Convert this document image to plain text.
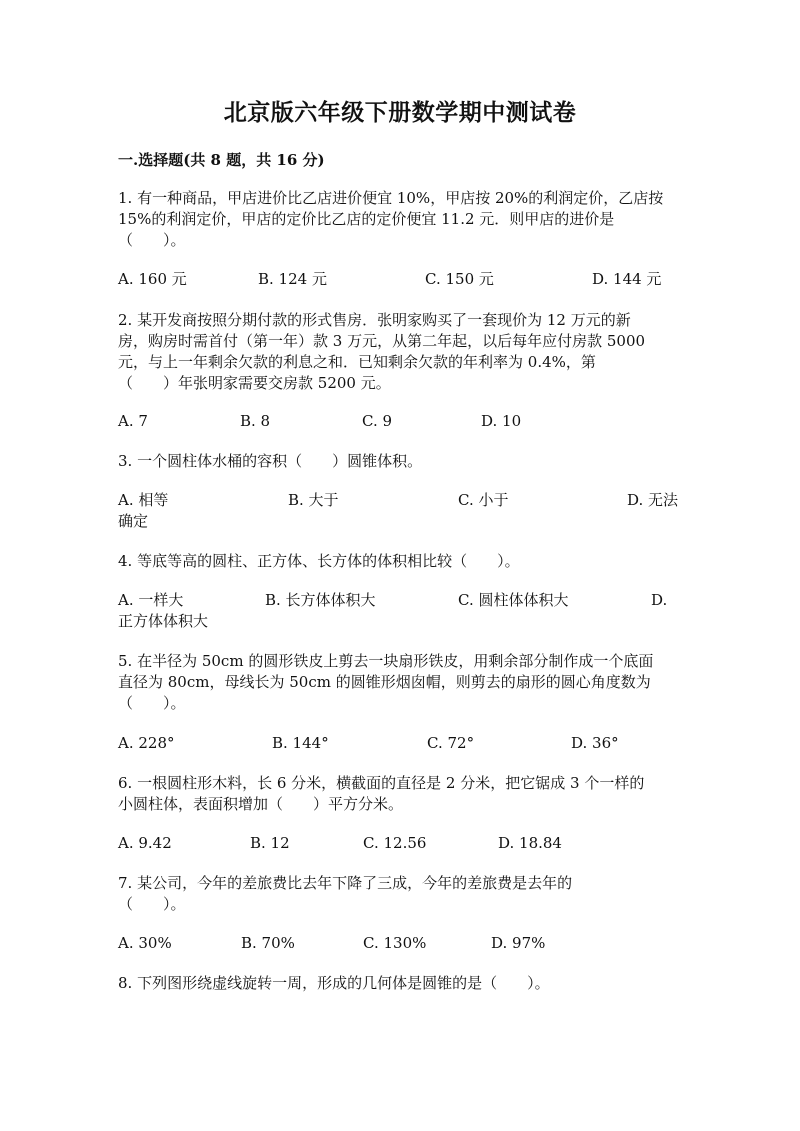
北京版六年级下册数学期中测试卷
一.选择题(共 8 题，共 16 分)
1. 有一种商品，甲店进价比乙店进价便宜 10%，甲店按 20%的利润定价，乙店按
15%的利润定价，甲店的定价比乙店的定价便宜 11.2 元．则甲店的进价是
（　　）。
A. 160 元	B. 124 元	C. 150 元	D. 144 元
2. 某开发商按照分期付款的形式售房．张明家购买了一套现价为 12 万元的新
房，购房时需首付（第一年）款 3 万元，从第二年起，以后每年应付房款 5000
元，与上一年剩余欠款的利息之和．已知剩余欠款的年利率为 0.4%，第
（　　）年张明家需要交房款 5200 元。
A. 7	B. 8	C. 9	D. 10
3. 一个圆柱体水桶的容积（　　）圆锥体积。
A. 相等	B. 大于	C. 小于	D. 无法
确定
4. 等底等高的圆柱、正方体、长方体的体积相比较（　　）。
A. 一样大	B. 长方体体积大	C. 圆柱体体积大	D.
正方体体积大
5. 在半径为 50cm 的圆形铁皮上剪去一块扇形铁皮，用剩余部分制作成一个底面
直径为 80cm，母线长为 50cm 的圆锥形烟囱帽，则剪去的扇形的圆心角度数为
（　　）。
A. 228°	B. 144°	C. 72°	D. 36°
6. 一根圆柱形木料，长 6 分米，横截面的直径是 2 分米，把它锯成 3 个一样的
小圆柱体，表面积增加（　　）平方分米。
A. 9.42	B. 12	C. 12.56	D. 18.84
7. 某公司，今年的差旅费比去年下降了三成，今年的差旅费是去年的
（　　）。
A. 30%	B. 70%	C. 130%	D. 97%
8. 下列图形绕虚线旋转一周，形成的几何体是圆锥的是（　　）。
